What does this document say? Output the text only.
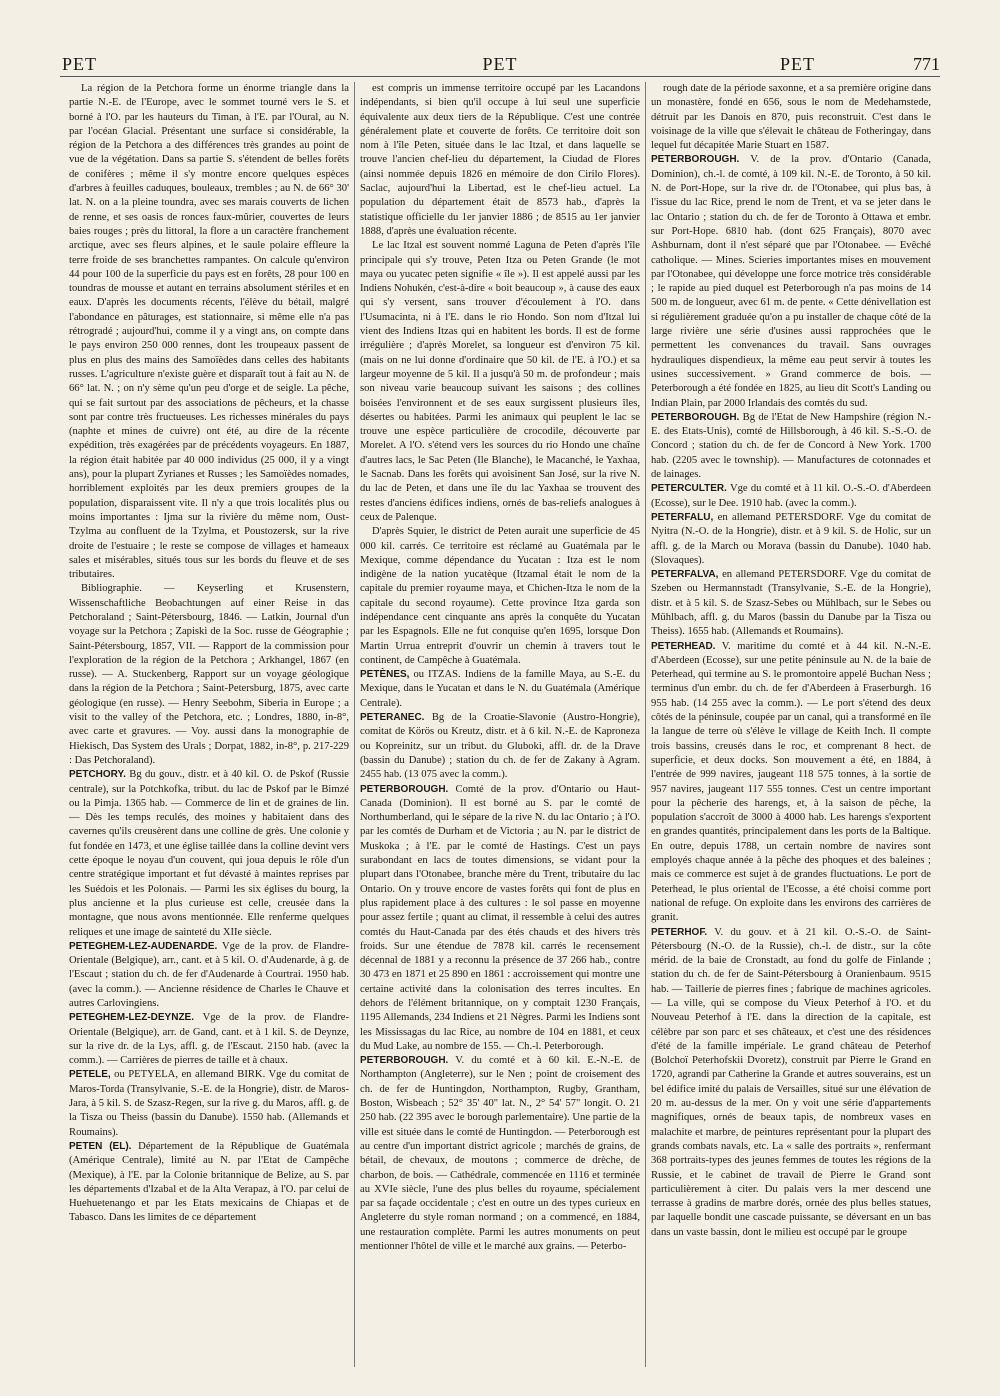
PET	PET	PET	771

La région de la Petchora forme un énorme triangle dans la partie N.-E. de l'Europe, avec le sommet tourné vers le S. et borné à l'O. par les hauteurs du Timan, à l'E. par l'Oural, au N. par l'océan Glacial. Présentant une surface si considérable, la région de la Petchora a des différences très grandes au point de vue de la végétation. Dans sa partie S. s'étendent de belles forêts de conifères ; même il s'y montre encore quelques espèces d'arbres à feuilles caduques, bouleaux, trembles ; au N. de 66° 30' lat. N. on a la pleine toundra, avec ses marais couverts de lichen de renne, et ses oasis de ronces faux-mûrier, couvertes de leurs baies rouges ; près du littoral, la flore a un caractère franchement arctique, avec ses fleurs alpines, et le saule polaire effleure la terre froide de ses branchettes rampantes. On calcule qu'environ 44 pour 100 de la superficie du pays est en forêts, 28 pour 100 en toundras de mousse et autant en terrains absolument stériles et en eaux. D'après les documents récents, l'élève du bétail, malgré l'abondance en pâturages, est stationnaire, si même elle n'a pas rétrogradé ; aujourd'hui, comme il y a vingt ans, on compte dans le pays environ 250 000 rennes, dont les troupeaux passent de plus en plus des mains des Samoïèdes dans celles des habitants russes. L'agriculture n'existe guère et disparaît tout à fait au N. de 66° lat. N. ; on n'y sème qu'un peu d'orge et de seigle. La pêche, qui se fait surtout par des associations de pêcheurs, et la chasse sont par contre très fructueuses. Les richesses minérales du pays (naphte et mines de cuivre) ont été, au dire de la récente expédition, très exagérées par de précédents voyageurs. En 1887, la région était habitée par 40 000 individus (25 000, il y a vingt ans), pour la plupart Zyrianes et Russes ; les Samoïèdes nomades, horriblement exploités par les deux premiers groupes de la population, disparaissent vite. Il n'y a que trois localités plus ou moins importantes : Ijma sur la rivière du même nom, Oust-Tzylma au confluent de la Tzylma, et Poustozersk, sur la rive droite de l'estuaire ; le reste se compose de villages et hameaux sales et misérables, situés tous sur les bords du fleuve et de ses tributaires.

Bibliographie. — Keyserling et Krusenstern, Wissenschaftliche Beobachtungen auf einer Reise in das Petchoraland ; Saint-Pétersbourg, 1846. — Latkin, Journal d'un voyage sur la Petchora ; Zapiski de la Soc. russe de Géographie ; Saint-Pétersbourg, 1857, VII. — Rapport de la commission pour l'exploration de la région de la Petchora ; Arkhangel, 1867 (en russe). — A. Stuckenberg, Rapport sur un voyage géologique dans la région de la Petchora ; Saint-Petersburg, 1875, avec carte géologique (en russe). — Henry Seebohm, Siberia in Europe ; a visit to the valley of the Petchora, etc. ; Londres, 1880, in-8°, avec carte et gravures. — Voy. aussi dans la monographie de Hiekisch, Das System des Urals ; Dorpat, 1882, in-8°, p. 217-229 : Das Petchoraland).

PETCHORY. Bg du gouv., distr. et à 40 kil. O. de Pskof (Russie centrale), sur la Potchkofka, tribut. du lac de Pskof par le Bimzé ou la Pimja. 1365 hab. — Commerce de lin et de graines de lin. — Dès les temps reculés, des moines y habitaient dans des cavernes qu'ils creusèrent dans une colline de grès. Une colonie y fut fondée en 1473, et une église taillée dans la colline devint vers cette époque le noyau d'un couvent, qui joua depuis le rôle d'un centre stratégique important et fut dévasté à maintes reprises par les Suédois et les Polonais. — Parmi les six églises du bourg, la plus ancienne et la plus curieuse est celle, creusée dans la montagne, que nous avons mentionnée. Elle renferme quelques reliques et une image de sainteté du XIIe siècle.

PETEGHEM-LEZ-AUDENARDE. Vge de la prov. de Flandre-Orientale (Belgique), arr., cant. et à 5 kil. O. d'Audenarde, à g. de l'Escaut ; station du ch. de fer d'Audenarde à Courtrai. 1950 hab. (avec la comm.). — Ancienne résidence de Charles le Chauve et autres Carlovingiens.

PETEGHEM-LEZ-DEYNZE. Vge de la prov. de Flandre-Orientale (Belgique), arr. de Gand, cant. et à 1 kil. S. de Deynze, sur la rive dr. de la Lys, affl. g. de l'Escaut. 2150 hab. (avec la comm.). — Carrières de pierres de taille et à chaux.

PETELE, ou PETYELA, en allemand BIRK. Vge du comitat de Maros-Torda (Transylvanie, S.-E. de la Hongrie), distr. de Maros-Jara, à 5 kil. S. de Szasz-Regen, sur la rive g. du Maros, affl. g. de la Tisza ou Theiss (bassin du Danube). 1550 hab. (Allemands et Roumains).

PETEN (EL). Département de la République de Guatémala (Amérique Centrale), limité au N. par l'Etat de Campêche (Mexique), à l'E. par la Colonie britannique de Belize, au S. par les départements d'Izabal et de la Alta Verapaz, à l'O. par celui de Huehuetenango et par les Etats mexicains de Chiapas et de Tabasco. Dans les limites de ce département

est compris un immense territoire occupé par les Lacandons indépendants, si bien qu'il occupe à lui seul une superficie équivalente aux deux tiers de la République. C'est une contrée généralement plate et couverte de forêts. Ce territoire doit son nom à l'île Peten, située dans le lac Itzal, et dans laquelle se trouve l'ancien chef-lieu du département, la Ciudad de Flores (ainsi nommée depuis 1826 en mémoire de don Cirilo Flores). Saclac, aujourd'hui la Libertad, est le chef-lieu actuel. La population du département était de 8573 hab., d'après la statistique officielle du 1er janvier 1886 ; de 8515 au 1er janvier 1888, d'après une évaluation récente.

Le lac Itzal est souvent nommé Laguna de Peten d'après l'île principale qui s'y trouve, Peten Itza ou Peten Grande (le mot maya ou yucatec peten signifie « île »). Il est appelé aussi par les Indiens Nohukén, c'est-à-dire « boit beaucoup », à cause des eaux qui s'y versent, sans trouver d'écoulement à l'O. dans l'Usumacinta, ni à l'E. dans le rio Hondo. Son nom d'Itzal lui vient des Indiens Itzas qui en habitent les bords. Il est de forme irrégulière ; d'après Morelet, sa longueur est d'environ 75 kil. (mais on ne lui donne d'ordinaire que 50 kil. de l'E. à l'O.) et sa largeur moyenne de 5 kil. Il a jusqu'à 50 m. de profondeur ; mais son niveau varie beaucoup suivant les saisons ; des collines boisées l'environnent et de ses eaux surgissent plusieurs îles, désertes ou habitées. Parmi les animaux qui peuplent le lac se trouve une espèce particulière de crocodile, découverte par Morelet. A l'O. s'étend vers les sources du rio Hondo une chaîne d'autres lacs, le Sac Peten (Ile Blanche), le Macanché, le Yaxhaa, le Sacnab. Dans les forêts qui avoisinent San José, sur la rive N. du lac de Peten, et dans une île du lac Yaxhaa se trouvent des restes d'anciens édifices indiens, ornés de bas-reliefs analogues à ceux de Palenque.

D'après Squier, le district de Peten aurait une superficie de 45 000 kil. carrés. Ce territoire est réclamé au Guatémala par le Mexique, comme dépendance du Yucatan : Itza est le nom indigène de la nation yucatèque (Itzamal était le nom de la capitale du premier royaume maya, et Chichen-Itza le nom de la capitale du second royaume). Cette province Itza garda son indépendance cent cinquante ans après la conquête du Yucatan par les Espagnols. Elle ne fut conquise qu'en 1695, lorsque Don Martin Urrua entreprit d'ouvrir un chemin à travers tout le continent, de Campêche à Guatémala.

PETÈNES, ou ITZAS. Indiens de la famille Maya, au S.-E. du Mexique, dans le Yucatan et dans le N. du Guatémala (Amérique Centrale).

PETERANEC. Bg de la Croatie-Slavonie (Austro-Hongrie), comitat de Körös ou Kreutz, distr. et à 6 kil. N.-E. de Kaproneza ou Kopreinitz, sur un tribut. du Gluboki, affl. dr. de la Drave (bassin du Danube) ; station du ch. de fer de Zakany à Agram. 2455 hab. (13 075 avec la comm.).

PETERBOROUGH. Comté de la prov. d'Ontario ou Haut-Canada (Dominion). Il est borné au S. par le comté de Northumberland, qui le sépare de la rive N. du lac Ontario ; à l'O. par les comtés de Durham et de Victoria ; au N. par le district de Muskoka ; à l'E. par le comté de Hastings. C'est un pays surabondant en lacs de toutes dimensions, se vidant pour la plupart dans l'Otonabee, branche mère du Trent, tributaire du lac Ontario. On y trouve encore de vastes forêts qui font de plus en plus rapidement place à des cultures : le sol passe en moyenne pour assez fertile ; quant au climat, il ressemble à celui des autres comtés du Haut-Canada par des étés chauds et des hivers très froids. Sur une étendue de 7878 kil. carrés le recensement décennal de 1881 y a reconnu la présence de 37 266 hab., contre 30 473 en 1871 et 25 890 en 1861 : accroissement qui montre une certaine activité dans la colonisation des terres incultes. En dehors de l'élément britannique, on y comptait 1230 Français, 1195 Allemands, 234 Indiens et 21 Nègres. Parmi les Indiens sont les Mississagas du lac Rice, au nombre de 104 en 1881, et ceux du Mud Lake, au nombre de 155. — Ch.-l. Peterborough.

PETERBOROUGH. V. du comté et à 60 kil. E.-N.-E. de Northampton (Angleterre), sur le Nen ; point de croisement des ch. de fer de Huntingdon, Northampton, Rugby, Grantham, Boston, Wisbeach ; 52° 35' 40" lat. N., 2° 54' 57" longit. O. 21 250 hab. (22 395 avec le borough parlementaire). Une partie de la ville est située dans le comté de Huntingdon. — Peterborough est au centre d'un important district agricole ; marchés de grains, de bétail, de chevaux, de moutons ; commerce de drèche, de charbon, de bois. — Cathédrale, commencée en 1116 et terminée au XVIe siècle, l'une des plus belles du royaume, spécialement par sa façade occidentale ; c'est en outre un des types curieux en Angleterre du style roman normand ; on a commencé, en 1884, une restauration complète. Parmi les autres monuments on peut mentionner l'hôtel de ville et le marché aux grains. — Peterbo-

rough date de la période saxonne, et a sa première origine dans un monastère, fondé en 656, sous le nom de Medehamstede, détruit par les Danois en 870, puis reconstruit. C'est dans le voisinage de la ville que s'élevait le château de Fotheringay, dans lequel fut décapitée Marie Stuart en 1587.

PETERBOROUGH. V. de la prov. d'Ontario (Canada, Dominion), ch.-l. de comté, à 109 kil. N.-E. de Toronto, à 50 kil. N. de Port-Hope, sur la rive dr. de l'Otonabee, qui plus bas, à l'issue du lac Rice, prend le nom de Trent, et va se jeter dans le lac Ontario ; station du ch. de fer de Toronto à Ottawa et embr. sur Port-Hope. 6810 hab. (dont 625 Français), 8070 avec Ashburnam, dont il n'est séparé que par l'Otonabee. — Evêché catholique. — Mines. Scieries importantes mises en mouvement par l'Otonabee, qui développe une force motrice très considérable ; le rapide au pied duquel est Peterborough n'a pas moins de 14 500 m. de longueur, avec 61 m. de pente. « Cette dénivellation est si régulièrement graduée qu'on a pu installer de chaque côté de la large rivière une série d'usines aussi rapprochées que le permettent les convenances du travail. Sans ouvrages hydrauliques dispendieux, la même eau peut servir à toutes les usines successivement. » Grand commerce de bois. — Peterborough a été fondée en 1825, au lieu dit Scott's Landing ou Indian Plain, par 2000 Irlandais des comtés du sud.

PETERBOROUGH. Bg de l'Etat de New Hampshire (région N.-E. des Etats-Unis), comté de Hillsborough, à 46 kil. S.-S.-O. de Concord ; station du ch. de fer de Concord à New York. 1700 hab. (2205 avec le township). — Manufactures de cotonnades et de lainages.

PETERCULTER. Vge du comté et à 11 kil. O.-S.-O. d'Aberdeen (Ecosse), sur le Dee. 1910 hab. (avec la comm.).

PETERFALU, en allemand PETERSDORF. Vge du comitat de Nyitra (N.-O. de la Hongrie), distr. et à 9 kil. S. de Holic, sur un affl. g. de la March ou Morava (bassin du Danube). 1040 hab. (Slovaques).

PETERFALVA, en allemand PETERSDORF. Vge du comitat de Szeben ou Hermannstadt (Transylvanie, S.-E. de la Hongrie), distr. et à 5 kil. S. de Szasz-Sebes ou Mühlbach, sur le Sebes ou Mühlbach, affl. g. du Maros (bassin du Danube par la Tisza ou Theiss). 1655 hab. (Allemands et Roumains).

PETERHEAD. V. maritime du comté et à 44 kil. N.-N.-E. d'Aberdeen (Ecosse), sur une petite péninsule au N. de la baie de Peterhead, qui termine au S. le promontoire appelé Buchan Ness ; terminus d'un embr. du ch. de fer d'Aberdeen à Fraserburgh. 16 955 hab. (14 255 avec la comm.). — Le port s'étend des deux côtés de la péninsule, coupée par un canal, qui a transformé en île la langue de terre où s'élève le village de Keith Inch. Il compte trois bassins, creusés dans le roc, et comprenant 8 hect. de superficie, et deux docks. Son mouvement a été, en 1884, à l'entrée de 999 navires, jaugeant 118 575 tonnes, à la sortie de 957 navires, jaugeant 117 555 tonnes. C'est un centre important pour la pêcherie des harengs, et, à la saison de pêche, la population s'accroît de 3000 à 4000 hab. Les harengs s'exportent en grandes quantités, principalement dans les ports de la Baltique. En outre, depuis 1788, un certain nombre de navires sont employés chaque année à la pêche des phoques et des baleines ; mais ce commerce est sujet à de grandes fluctuations. Le port de Peterhead, le plus oriental de l'Ecosse, a été choisi comme port national de refuge. On exploite dans les environs des carrières de granit.

PETERHOF. V. du gouv. et à 21 kil. O.-S.-O. de Saint-Pétersbourg (N.-O. de la Russie), ch.-l. de distr., sur la côte mérid. de la baie de Cronstadt, au fond du golfe de Finlande ; station du ch. de fer de Saint-Pétersbourg à Oranienbaum. 9515 hab. — Taillerie de pierres fines ; fabrique de machines agricoles. — La ville, qui se compose du Vieux Peterhof à l'O. et du Nouveau Peterhof à l'E. dans la direction de la capitale, est célèbre par son parc et ses châteaux, et c'est une des résidences d'été de la famille impériale. Le grand château de Peterhof (Bolchoï Peterhofskii Dvoretz), construit par Pierre le Grand en 1720, agrandi par Catherine la Grande et autres souverains, est un bel édifice imité du palais de Versailles, situé sur une élévation de 20 m. au-dessus de la mer. On y voit une série d'appartements magnifiques, ornés de beaux tapis, de nombreux vases en malachite et marbre, de peintures représentant pour la plupart des grands combats navals, etc. La « salle des portraits », renfermant 368 portraits-types des jeunes femmes de toutes les régions de la Russie, et le cabinet de travail de Pierre le Grand sont particulièrement à citer. Du palais vers la mer descend une terrasse à gradins de marbre dorés, ornée des plus belles statues, par laquelle bondit une cascade puissante, se déversant en un bas dans un vaste bassin, dont le milieu est occupé par le groupe
